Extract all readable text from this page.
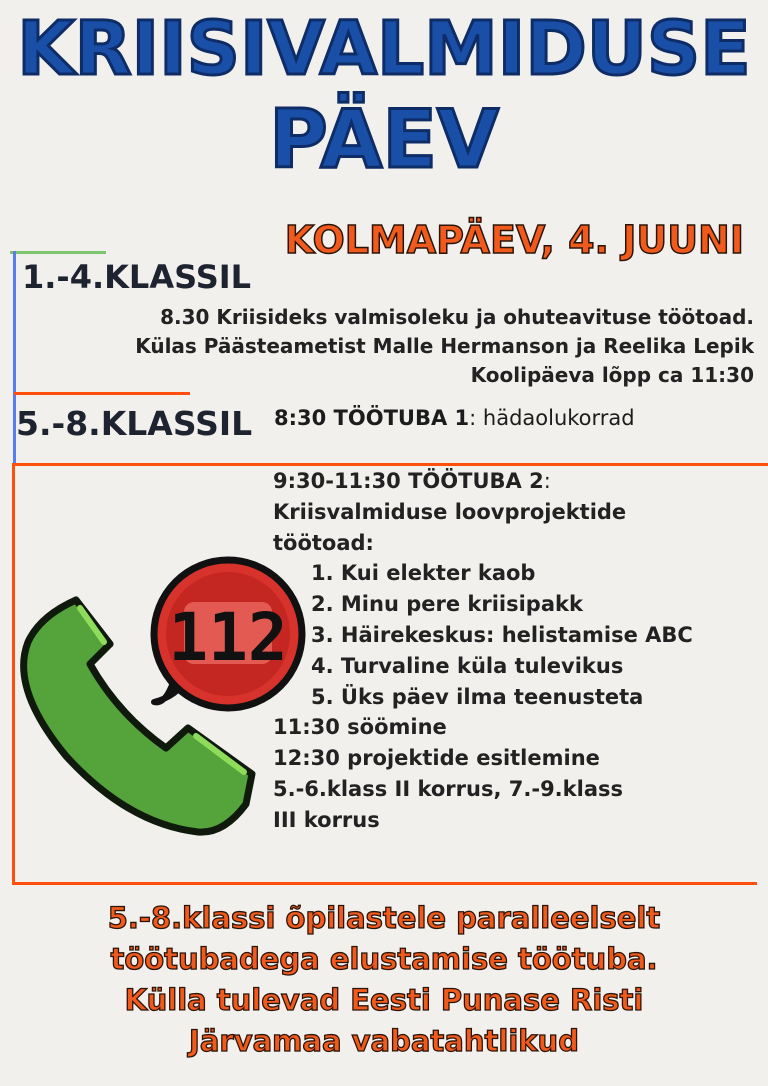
KRIISIVALMIDUSE
PÄEV
KOLMAPÄEV, 4. JUUNI
1.-4.KLASSIL
8.30 Kriisideks valmisoleku ja ohuteavituse töötoad.
Külas Päästeametist Malle Hermanson ja Reelika Lepik
Koolipäeva lõpp ca 11:30
5.-8.KLASSIL 8:30 TÖÖTUBA 1: hädaolukorrad
9:30-11:30 TÖÖTUBA 2:
Kriisvalmiduse loovprojektide
töötoad:
1. Kui elekter kaob
2. Minu pere kriisipakk
3. Häirekeskus: helistamise ABC
4. Turvaline küla tulevikus
5. Üks päev ilma teenusteta
11:30 söömine
12:30 projektide esitlemine
5.-6.klass II korrus, 7.-9.klass
III korrus
112
5.-8.klassi õpilastele paralleelselt
töötubadega elustamise töötuba.
Külla tulevad Eesti Punase Risti
Järvamaa vabatahtlikud
